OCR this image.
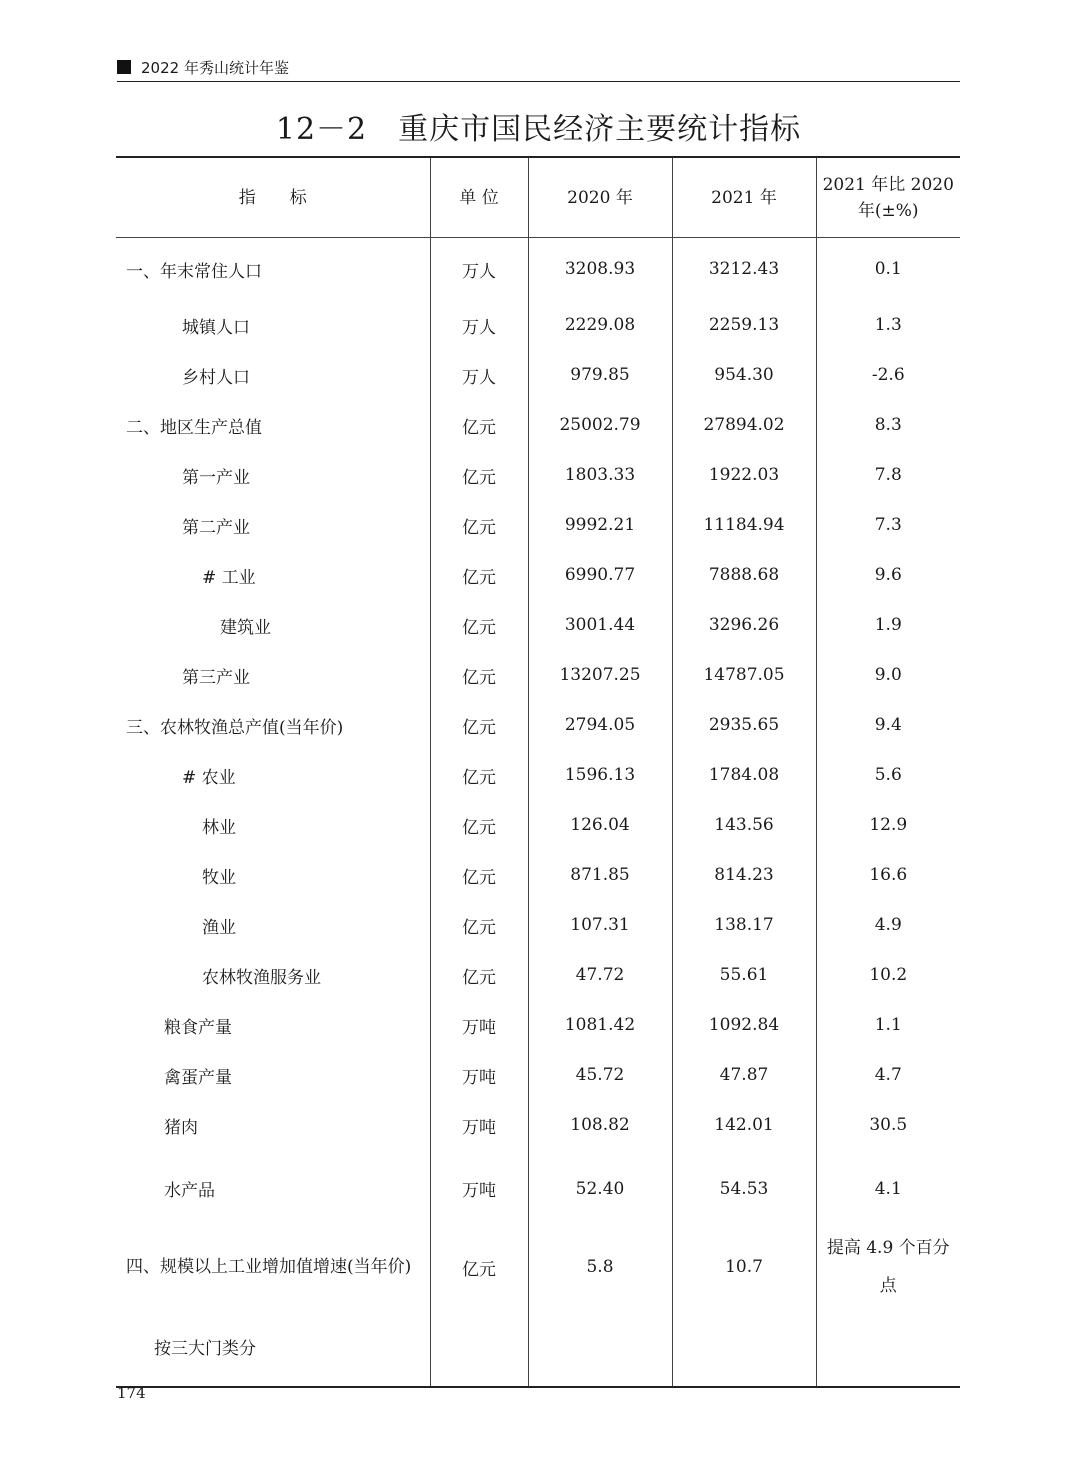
2022 年秀山统计年鉴
12－2　重庆市国民经济主要统计指标
指　　标	单 位	2020 年	2021 年	2021 年比 2020
年(±%)

一、年末常住人口	万人	3208.93	3212.43	0.1
城镇人口	万人	2229.08	2259.13	1.3
乡村人口	万人	979.85	954.30	-2.6
二、地区生产总值	亿元	25002.79	27894.02	8.3
第一产业	亿元	1803.33	1922.03	7.8
第二产业	亿元	9992.21	11184.94	7.3
# 工业	亿元	6990.77	7888.68	9.6
建筑业	亿元	3001.44	3296.26	1.9
第三产业	亿元	13207.25	14787.05	9.0
三、农林牧渔总产值(当年价)	亿元	2794.05	2935.65	9.4
# 农业	亿元	1596.13	1784.08	5.6
林业	亿元	126.04	143.56	12.9
牧业	亿元	871.85	814.23	16.6
渔业	亿元	107.31	138.17	4.9
农林牧渔服务业	亿元	47.72	55.61	10.2
粮食产量	万吨	1081.42	1092.84	1.1
禽蛋产量	万吨	45.72	47.87	4.7
猪肉	万吨	108.82	142.01	30.5
水产品	万吨	52.40	54.53	4.1
四、规模以上工业增加值增速(当年价)	亿元	5.8	10.7	提高 4.9 个百分点
按三大门类分				
174
